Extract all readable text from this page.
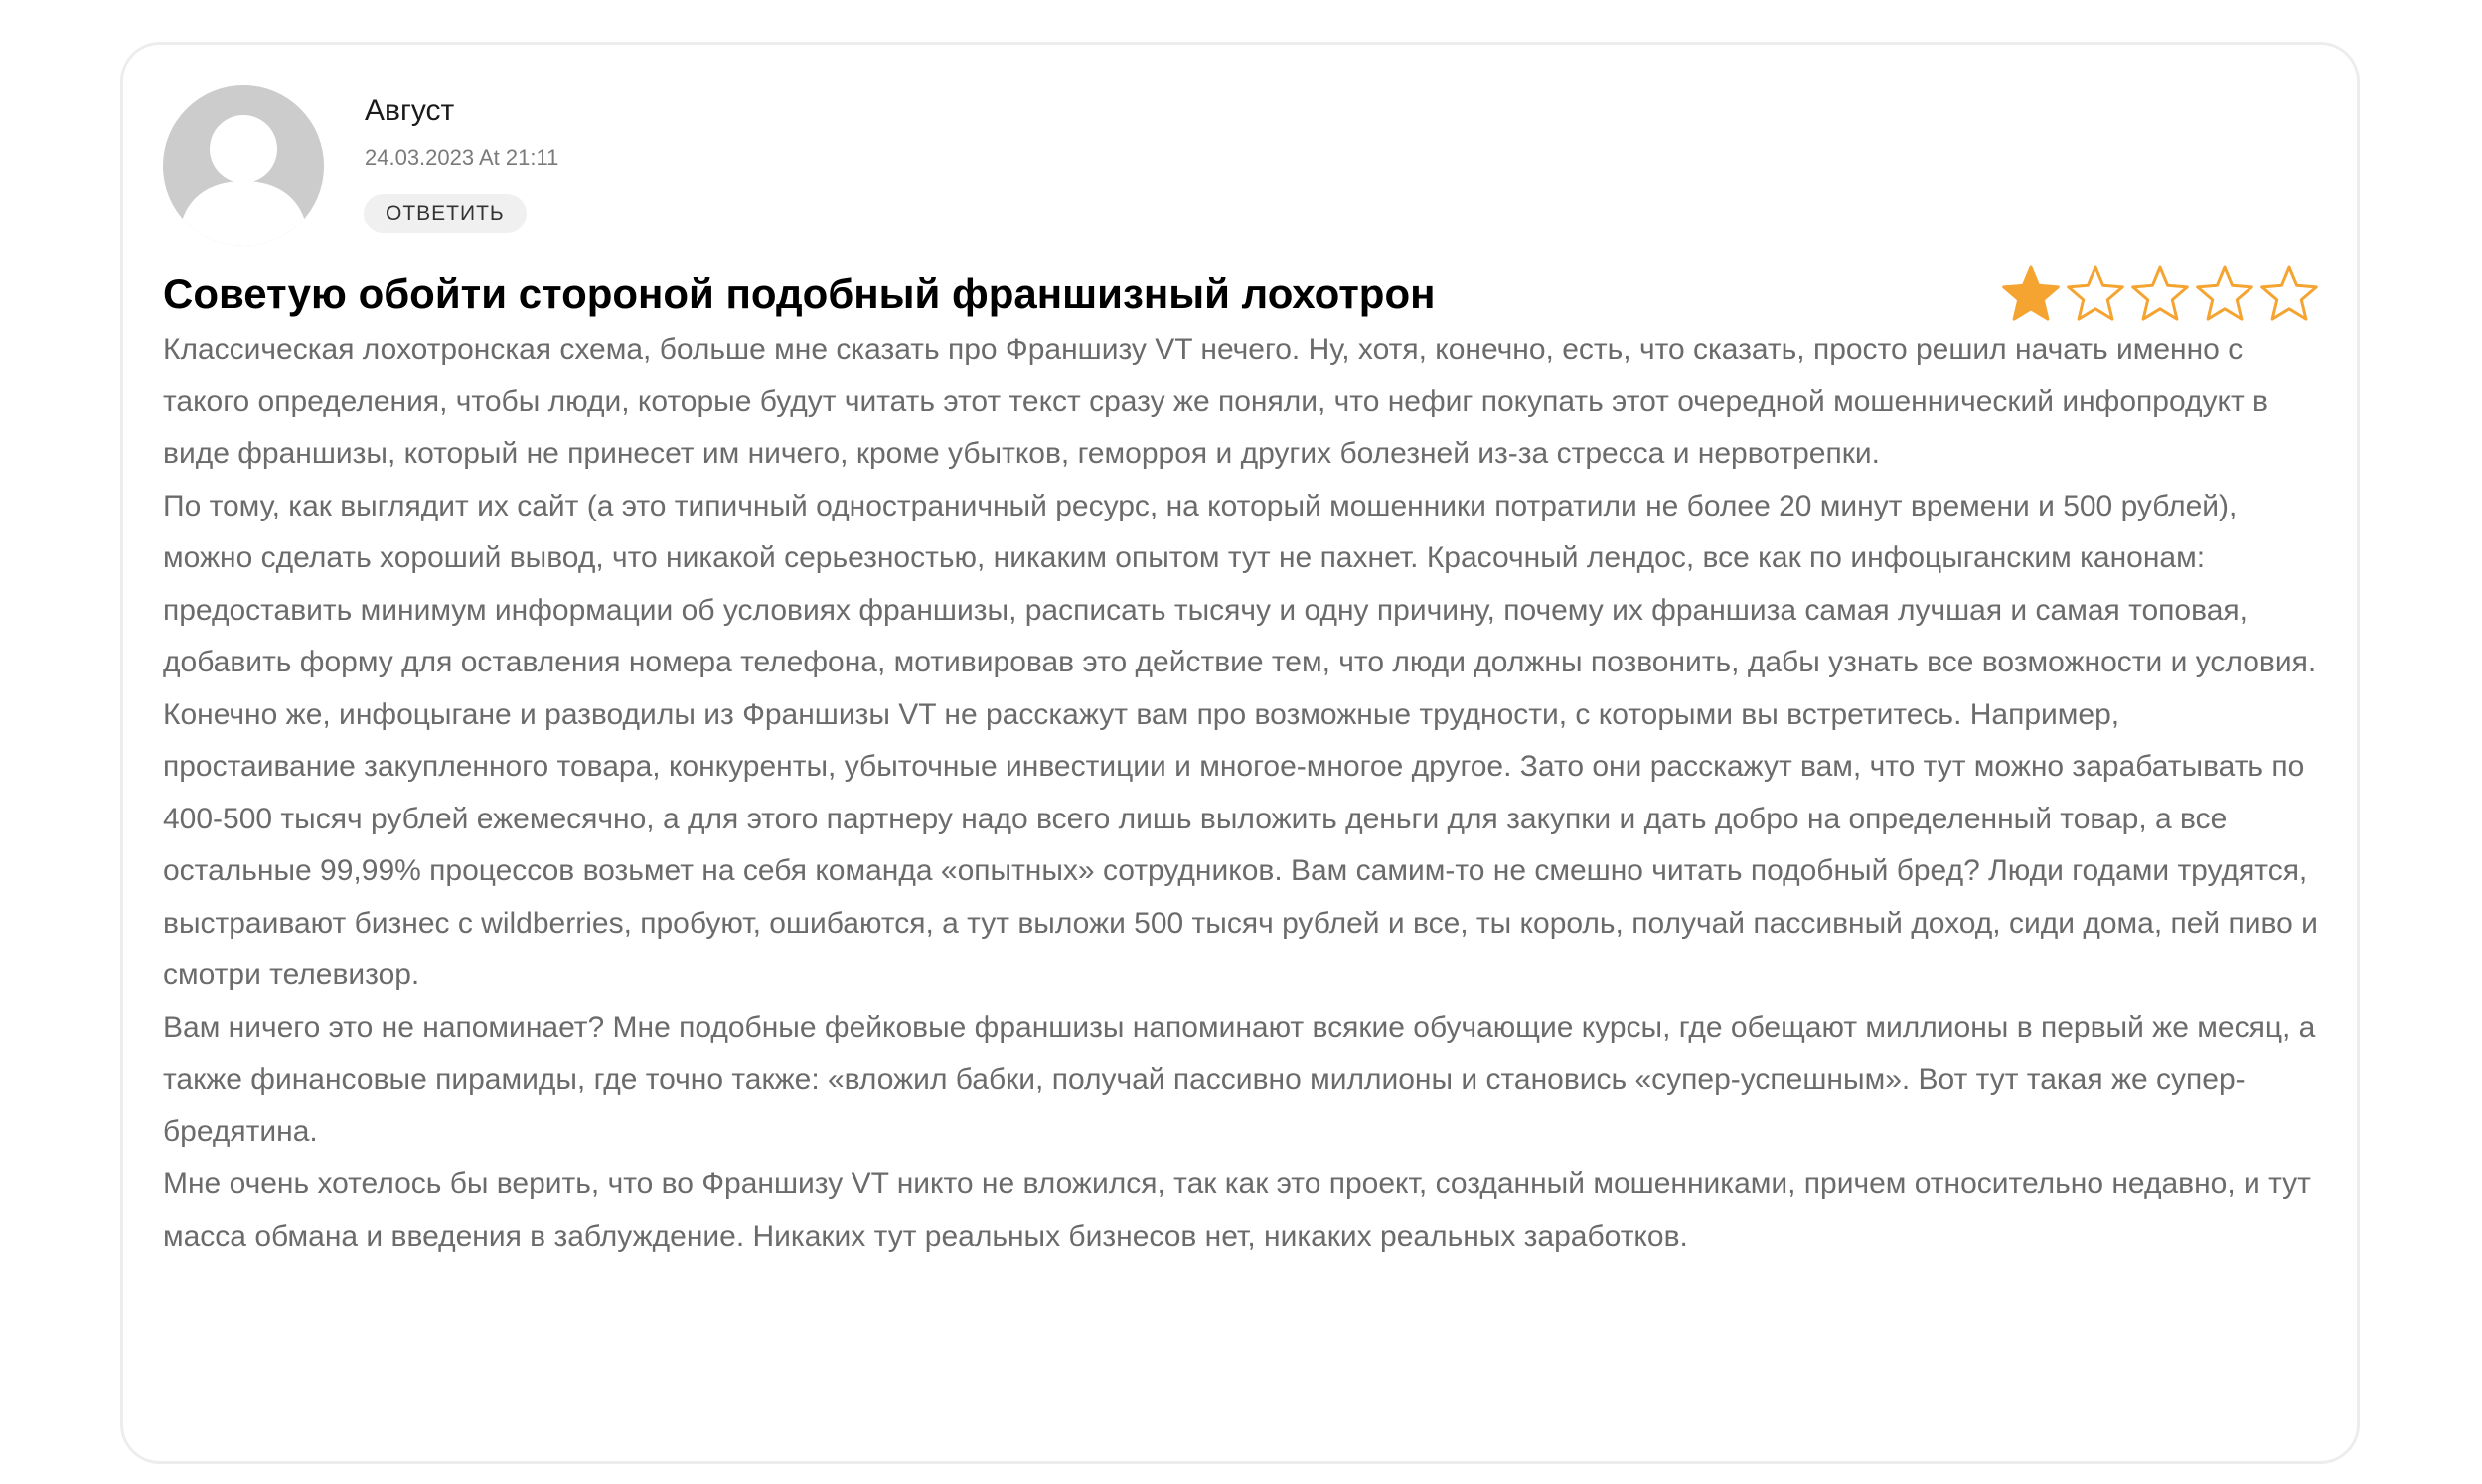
Август
24.03.2023 At 21:11
ОТВЕТИТЬ
Советую обойти стороной подобный франшизный лохотрон

Классическая лохотронская схема, больше мне сказать про Франшизу VT нечего. Ну, хотя, конечно, есть, что сказать, просто решил начать именно с такого определения, чтобы люди, которые будут читать этот текст сразу же поняли, что нефиг покупать этот очередной мошеннический инфопродукт в виде франшизы, который не принесет им ничего, кроме убытков, геморроя и других болезней из-за стресса и нервотрепки.

По тому, как выглядит их сайт (а это типичный одностраничный ресурс, на который мошенники потратили не более 20 минут времени и 500 рублей), можно сделать хороший вывод, что никакой серьезностью, никаким опытом тут не пахнет. Красочный лендос, все как по инфоцыганским канонам: предоставить минимум информации об условиях франшизы, расписать тысячу и одну причину, почему их франшиза самая лучшая и самая топовая, добавить форму для оставления номера телефона, мотивировав это действие тем, что люди должны позвонить, дабы узнать все возможности и условия.

Конечно же, инфоцыгане и разводилы из Франшизы VT не расскажут вам про возможные трудности, с которыми вы встретитесь. Например, простаивание закупленного товара, конкуренты, убыточные инвестиции и многое-многое другое. Зато они расскажут вам, что тут можно зарабатывать по 400-500 тысяч рублей ежемесячно, а для этого партнеру надо всего лишь выложить деньги для закупки и дать добро на определенный товар, а все остальные 99,99% процессов возьмет на себя команда «опытных» сотрудников. Вам самим-то не смешно читать подобный бред? Люди годами трудятся, выстраивают бизнес с wildberries, пробуют, ошибаются, а тут выложи 500 тысяч рублей и все, ты король, получай пассивный доход, сиди дома, пей пиво и смотри телевизор.

Вам ничего это не напоминает? Мне подобные фейковые франшизы напоминают всякие обучающие курсы, где обещают миллионы в первый же месяц, а также финансовые пирамиды, где точно также: «вложил бабки, получай пассивно миллионы и становись «супер-успешным». Вот тут такая же супер-бредятина.

Мне очень хотелось бы верить, что во Франшизу VT никто не вложился, так как это проект, созданный мошенниками, причем относительно недавно, и тут масса обмана и введения в заблуждение. Никаких тут реальных бизнесов нет, никаких реальных заработков.
